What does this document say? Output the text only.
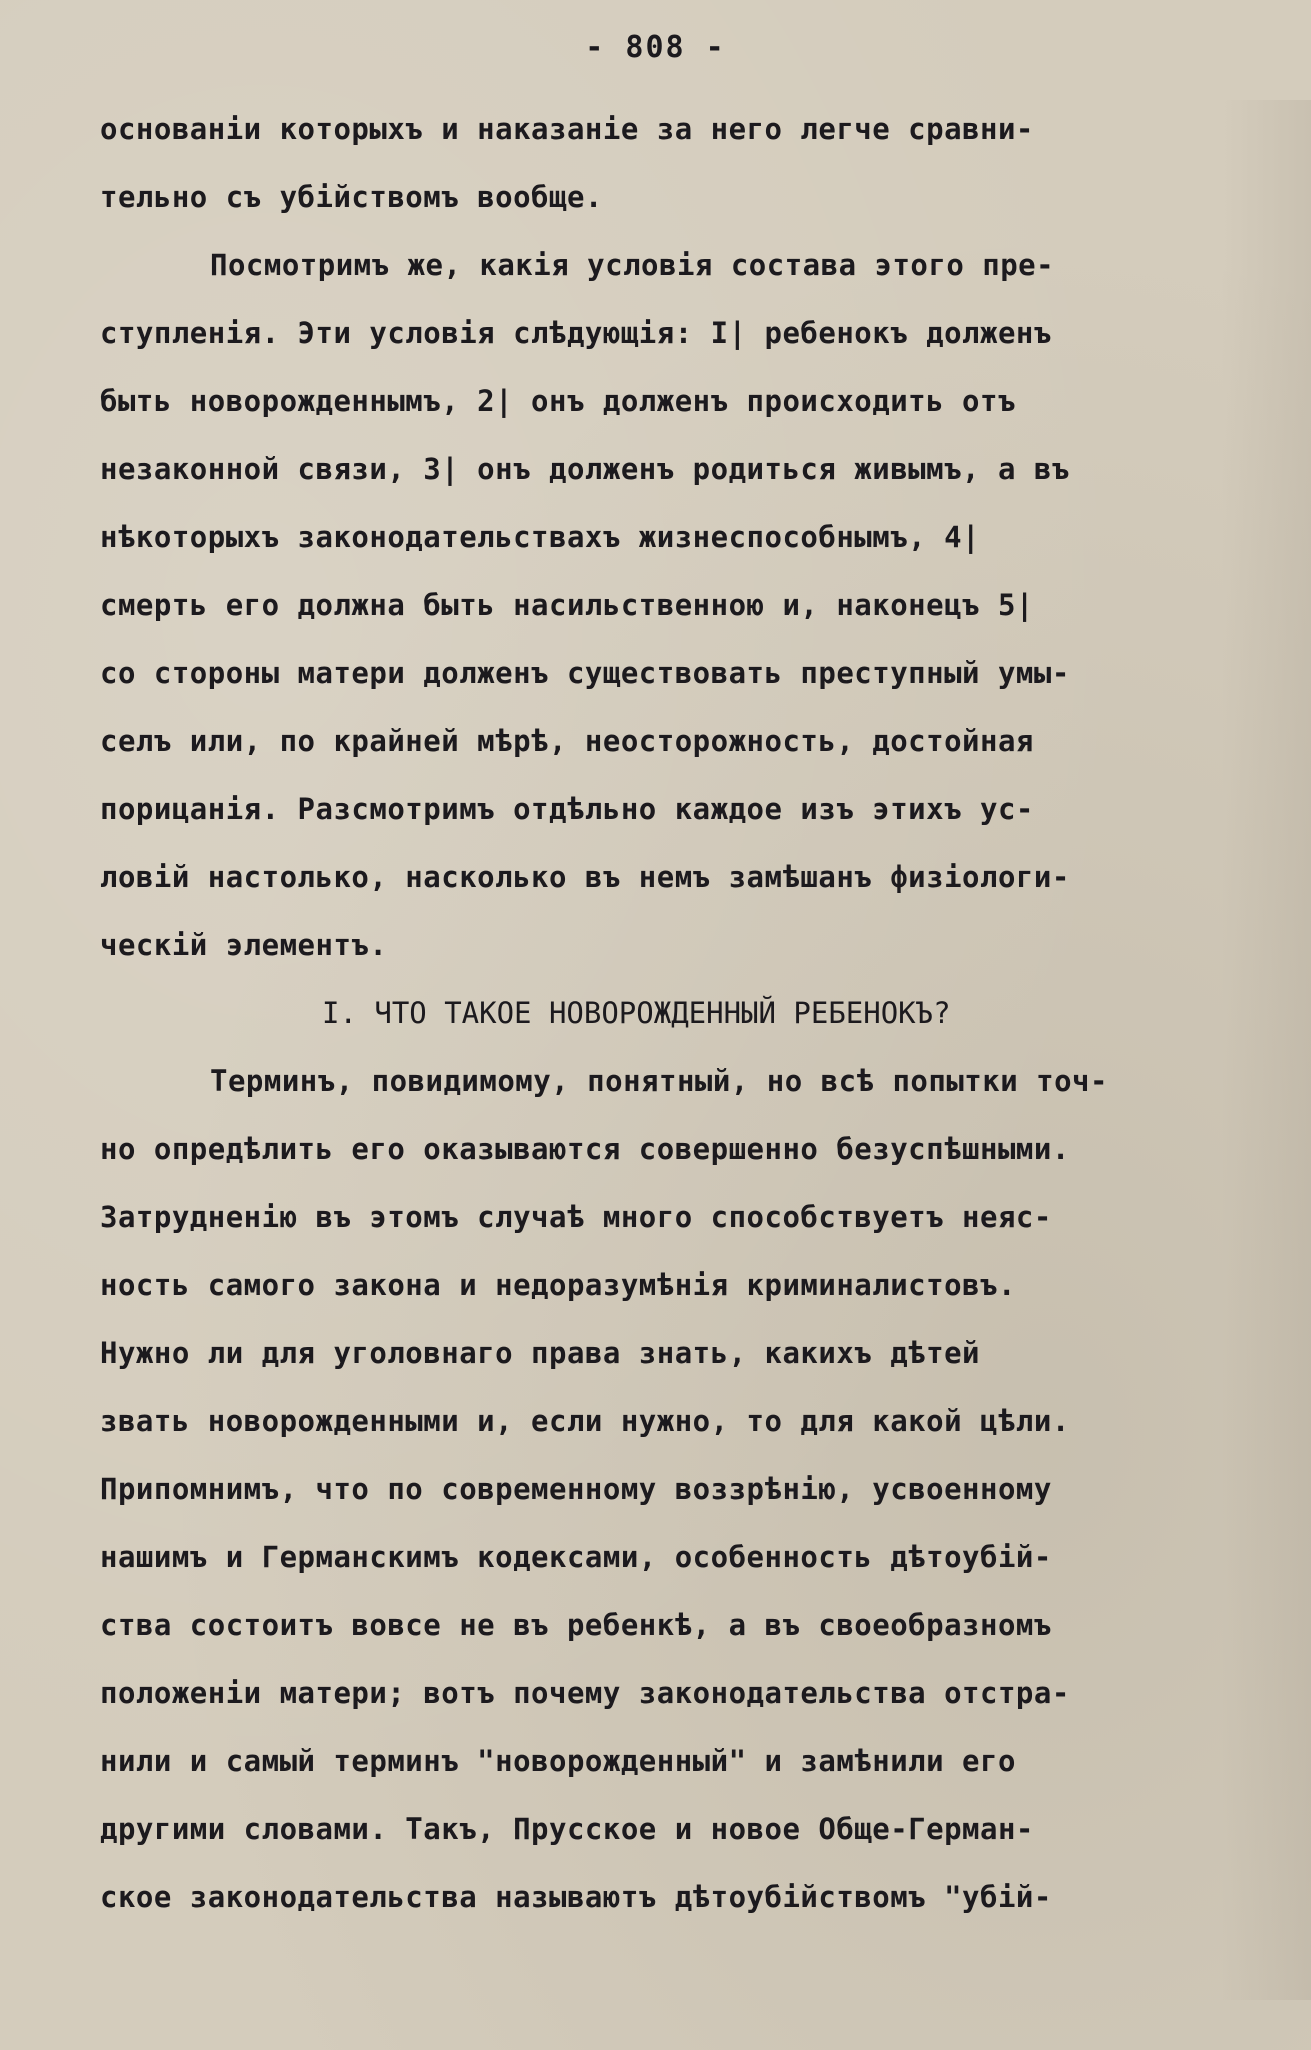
- 808 -

основанiи которыхъ и наказанiе за него легче сравни-
тельно съ убiйствомъ вообще.
Посмотримъ же, какiя условiя состава этого пре-
ступленiя. Эти условiя слѣдующiя: I| ребенокъ долженъ
быть новорожденнымъ, 2| онъ долженъ происходить отъ
незаконной связи, 3| онъ долженъ родиться живымъ, а въ
нѣкоторыхъ законодательствахъ жизнеспособнымъ, 4|
смерть его должна быть насильственною и, наконецъ 5|
со стороны матери долженъ существовать преступный умы-
селъ или, по крайней мѣрѣ, неосторожность, достойная
порицанiя. Разсмотримъ отдѣльно каждое изъ этихъ ус-
ловiй настолько, насколько въ немъ замѣшанъ физiологи-
ческiй элементъ.
I. ЧТО ТАКОЕ НОВОРОЖДЕННЫЙ РЕБЕНОКЪ?
Терминъ, повидимому, понятный, но всѣ попытки точ-
но опредѣлить его оказываются совершенно безуспѣшными.
Затрудненiю въ этомъ случаѣ много способствуетъ неяс-
ность самого закона и недоразумѣнiя криминалистовъ.
Нужно ли для уголовнаго права знать, какихъ дѣтей
звать новорожденными и, если нужно, то для какой цѣли.
Припомнимъ, что по современному воззрѣнiю, усвоенному
нашимъ и Германскимъ кодексами, особенность дѣтоубiй-
ства состоитъ вовсе не въ ребенкѣ, а въ своеобразномъ
положенiи матери; вотъ почему законодательства отстра-
нили и самый терминъ "новорожденный" и замѣнили его
другими словами. Такъ, Прусское и новое Обще-Герман-
ское законодательства называютъ дѣтоубiйствомъ "убiй-
